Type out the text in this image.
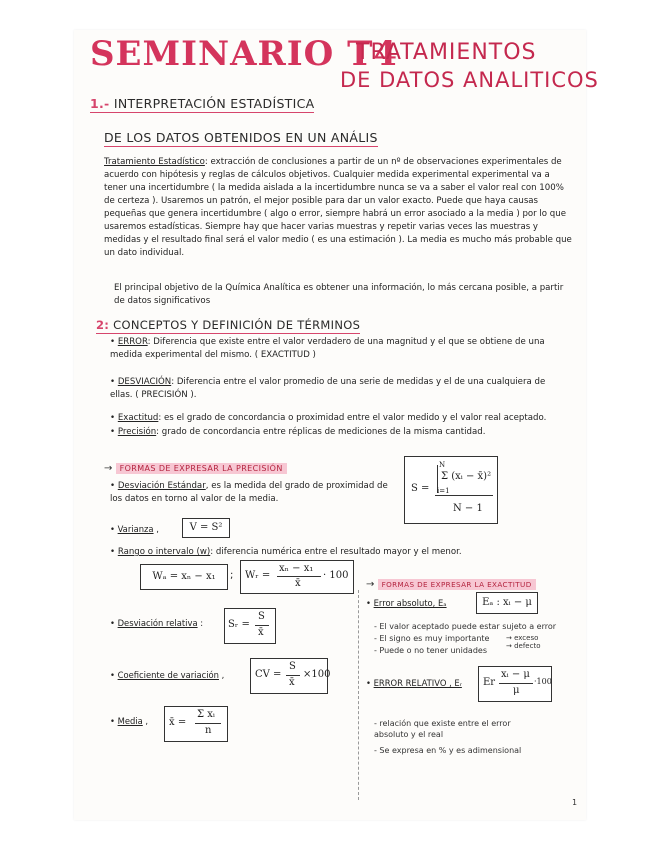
SEMINARIO T4
TRATAMIENTOS
DE DATOS ANALITICOS
1.- INTERPRETACIÓN ESTADÍSTICA
DE LOS DATOS OBTENIDOS EN UN ANÁLIS
Tratamiento Estadístico: extracción de conclusiones a partir de un nº de observaciones experimentales de acuerdo con hipótesis y reglas de cálculos objetivos. Cualquier medida experimental experimental va a tener una incertidumbre ( la medida aislada a la incertidumbre nunca se va a saber el valor real con 100% de certeza ). Usaremos un patrón, el mejor posible para dar un valor exacto. Puede que haya causas pequeñas que genera incertidumbre ( algo o error, siempre habrá un error asociado a la media ) por lo que usaremos estadísticas. Siempre hay que hacer varias muestras y repetir varias veces las muestras y medidas y el resultado final será el valor medio ( es una estimación ). La media es mucho más probable que un dato individual.
El principal objetivo de la Química Analítica es obtener una información, lo más cercana posible, a partir de datos significativos
2: CONCEPTOS Y DEFINICIÓN DE TÉRMINOS
• ERROR: Diferencia que existe entre el valor verdadero de una magnitud y el que se obtiene de una medida experimental del mismo. ( EXACTITUD )
• DESVIACIÓN: Diferencia entre el valor promedio de una serie de medidas y el de una cualquiera de ellas. ( PRECISIÓN ).
• Exactitud: es el grado de concordancia o proximidad entre el valor medido y el valor real aceptado.
• Precisión: grado de concordancia entre réplicas de mediciones de la misma cantidad.
→ FORMAS DE EXPRESAR LA PRECISIÓN
• Desviación Estándar, es la medida del grado de proximidad de los datos en torno al valor de la media.
S =
N
Σ (xᵢ − x̄)²
i=1
N − 1
• Varianza ,	V = S²
• Rango o intervalo (w): diferencia numérica entre el resultado mayor y el menor.
Wₐ = xₙ − x₁	; Wᵣ =
xₙ − x₁
x̄
· 100
• Desviación relativa : Sᵣ =
S
x̄
• Coeficiente de variación ,	CV =
S
x̄
×100
• Media , x̄ =
Σ xᵢ
n
→ FORMAS DE EXPRESAR LA EXACTITUD
• Error absoluto, Eₐ	Eₐ : xᵢ − μ
- El valor aceptado puede estar sujeto a error
- El signo es muy importante
- Puede o no tener unidades
→ exceso
→ defecto
• ERROR RELATIVO , Eᵣ Er
xᵢ − μ
μ
·100
- relación que existe entre el error absoluto y el real
- Se expresa en % y es adimensional
1
